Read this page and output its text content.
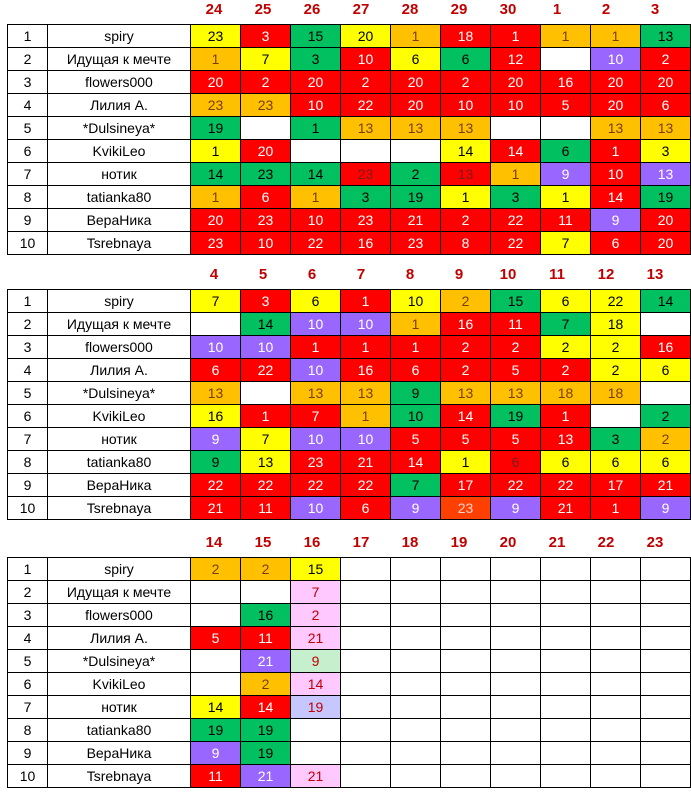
24	25	26	27	28	29	30	1	2	3
1	spiry	23	3	15	20	1	18	1	1	1	13
2	Идущая к мечте	1	7	3	10	6	6	12		10	2
3	flowers000	20	2	20	2	20	2	20	16	20	20
4	Лилия А.	23	23	10	22	20	10	10	5	20	6
5	*Dulsineya*	19		1	13	13	13			13	13
6	KvikiLeo	1	20				14	14	6	1	3
7	нотик	14	23	14	23	2	13	1	9	10	13
8	tatianka80	1	6	1	3	19	1	3	1	14	19
9	ВераНика	20	23	10	23	21	2	22	11	9	20
10	Tsrebnaya	23	10	22	16	23	8	22	7	6	20
4	5	6	7	8	9	10	11	12	13
1	spiry	7	3	6	1	10	2	15	6	22	14
2	Идущая к мечте		14	10	10	1	16	11	7	18	
3	flowers000	10	10	1	1	1	2	2	2	2	16
4	Лилия А.	6	22	10	16	6	2	5	2	2	6
5	*Dulsineya*	13		13	13	9	13	13	18	18	
6	KvikiLeo	16	1	7	1	10	14	19	1		2
7	нотик	9	7	10	10	5	5	5	13	3	2
8	tatianka80	9	13	23	21	14	1	6	6	6	6
9	ВераНика	22	22	22	22	7	17	22	22	17	21
10	Tsrebnaya	21	11	10	6	9	23	9	21	1	9
14	15	16	17	18	19	20	21	22	23
1	spiry	2	2	15							
2	Идущая к мечте			7							
3	flowers000		16	2							
4	Лилия А.	5	11	21							
5	*Dulsineya*		21	9							
6	KvikiLeo		2	14							
7	нотик	14	14	19							
8	tatianka80	19	19								
9	ВераНика	9	19								
10	Tsrebnaya	11	21	21							
